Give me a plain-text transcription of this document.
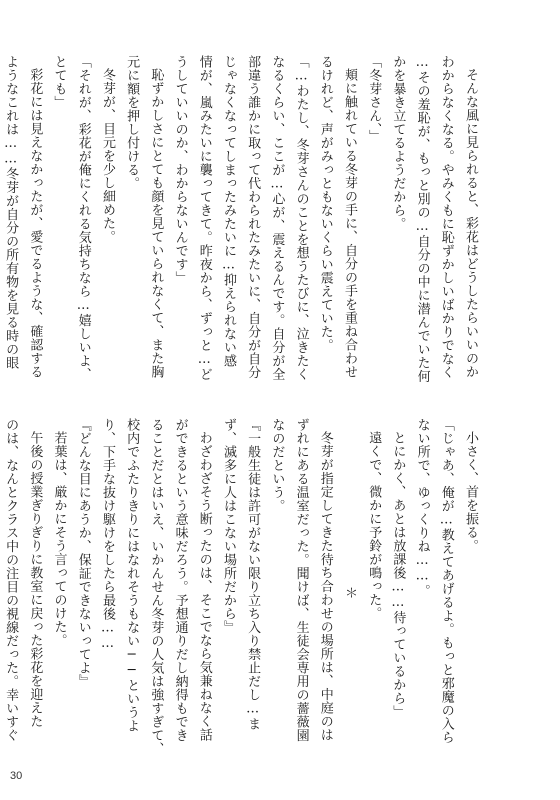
そんな風に見られると、彩花はどうしたらいいのか
わからなくなる。やみくもに恥ずかしいばかりでなく
…その羞恥が、もっと別の…自分の中に潜んでいた何
かを暴き立てるようだから。
「冬芽さん、」
頬に触れている冬芽の手に、自分の手を重ね合わせ
るけれど、声がみっともないくらい震えていた。
「…わたし、冬芽さんのことを想うたびに、泣きたく
なるくらい、ここが…心が、震えるんです。自分が全
部違う誰かに取って代わられたみたいに、自分が自分
じゃなくなってしまったみたいに…抑えられない感
情が、嵐みたいに襲ってきて。昨夜から、ずっと…ど
うしていいのか、わからないんです」
恥ずかしさにとても顔を見ていられなくて、また胸
元に額を押し付ける。
冬芽が、目元を少し細めた。
「それが、彩花が俺にくれる気持ちなら…嬉しいよ、
とても」
彩花には見えなかったが、愛でるような、確認する
ようなこれは……冬芽が自分の所有物を見る時の眼
小さく、首を振る。
「じゃあ、俺が…教えてあげるよ。もっと邪魔の入ら
ない所で、ゆっくりね……。
とにかく、あとは放課後……待っているから」
遠くで、微かに予鈴が鳴った。
＊
冬芽が指定してきた待ち合わせの場所は、中庭のは
ずれにある温室だった。聞けば、生徒会専用の薔薇園
なのだという。
『一般生徒は許可がない限り立ち入り禁止だし…ま
ず、滅多に人はこない場所だから』
わざわざそう断ったのは、そこでなら気兼ねなく話
ができるという意味だろう。予想通りだし納得もでき
ることだとはいえ、いかんせん冬芽の人気は強すぎて、
校内でふたりきりにはなれそうもない──というよ
り、下手な抜け駆けをしたら最後……
『どんな目にあうか、保証できないってよ』
若葉は、厳かにそう言ってのけた。
午後の授業ぎりぎりに教室に戻った彩花を迎えた
のは、なんとクラス中の注目の視線だった。幸いすぐ
30
